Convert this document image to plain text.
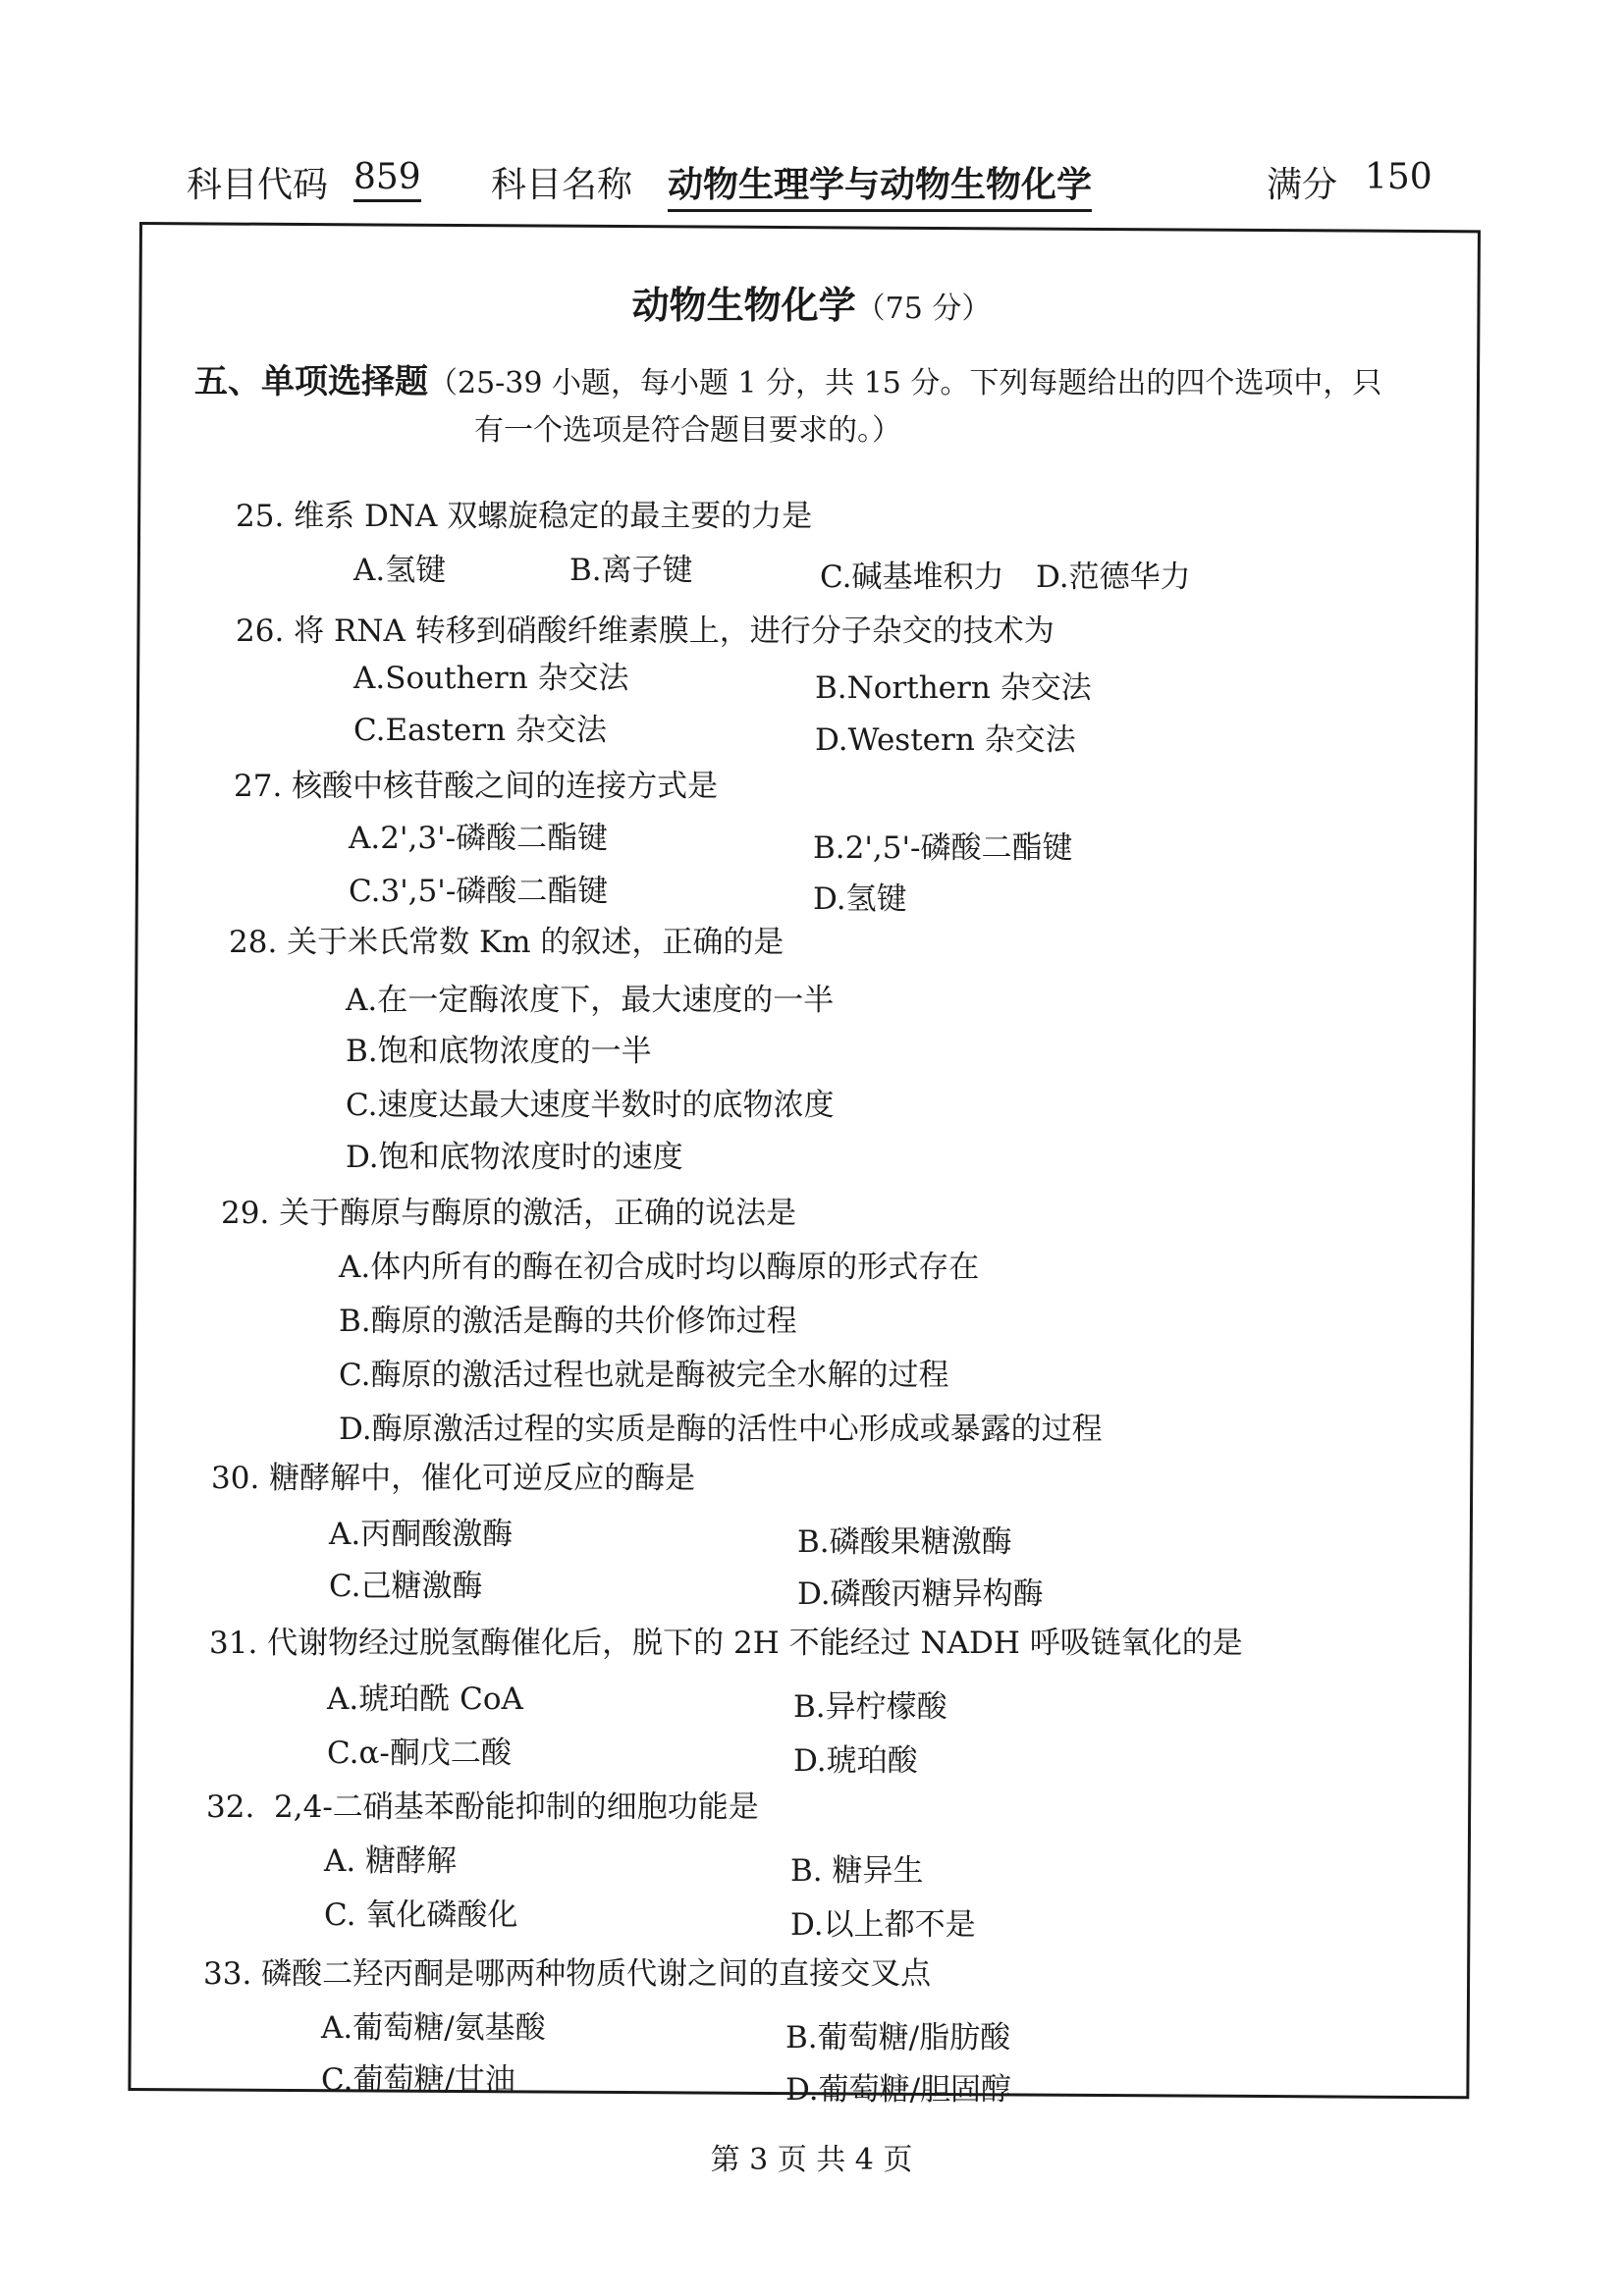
科目代码 859 科目名称 动物生理学与动物生物化学	满分 150
动物生物化学（75 分）
五、单项选择题（25-39 小题，每小题 1 分，共 15 分。下列每题给出的四个选项中，只
有一个选项是符合题目要求的。）
25. 维系 DNA 双螺旋稳定的最主要的力是
A.氢键	B.离子键	C.碱基堆积力 D.范德华力
26. 将 RNA 转移到硝酸纤维素膜上，进行分子杂交的技术为
A.Southern 杂交法	B.Northern 杂交法
C.Eastern 杂交法	D.Western 杂交法
27. 核酸中核苷酸之间的连接方式是
A.2',3'-磷酸二酯键	B.2',5'-磷酸二酯键
C.3',5'-磷酸二酯键	D.氢键
28. 关于米氏常数 Km 的叙述，正确的是
A.在一定酶浓度下，最大速度的一半
B.饱和底物浓度的一半
C.速度达最大速度半数时的底物浓度
D.饱和底物浓度时的速度
29. 关于酶原与酶原的激活，正确的说法是
A.体内所有的酶在初合成时均以酶原的形式存在
B.酶原的激活是酶的共价修饰过程
C.酶原的激活过程也就是酶被完全水解的过程
D.酶原激活过程的实质是酶的活性中心形成或暴露的过程
30. 糖酵解中，催化可逆反应的酶是
A.丙酮酸激酶	B.磷酸果糖激酶
C.己糖激酶	D.磷酸丙糖异构酶
31. 代谢物经过脱氢酶催化后，脱下的 2H 不能经过 NADH 呼吸链氧化的是
A.琥珀酰 CoA	B.异柠檬酸
C.α-酮戊二酸	D.琥珀酸
32. 2,4-二硝基苯酚能抑制的细胞功能是
A. 糖酵解	B. 糖异生
C. 氧化磷酸化	D.以上都不是
33. 磷酸二羟丙酮是哪两种物质代谢之间的直接交叉点
A.葡萄糖/氨基酸	B.葡萄糖/脂肪酸
C.葡萄糖/甘油	D.葡萄糖/胆固醇
第 3 页 共 4 页
